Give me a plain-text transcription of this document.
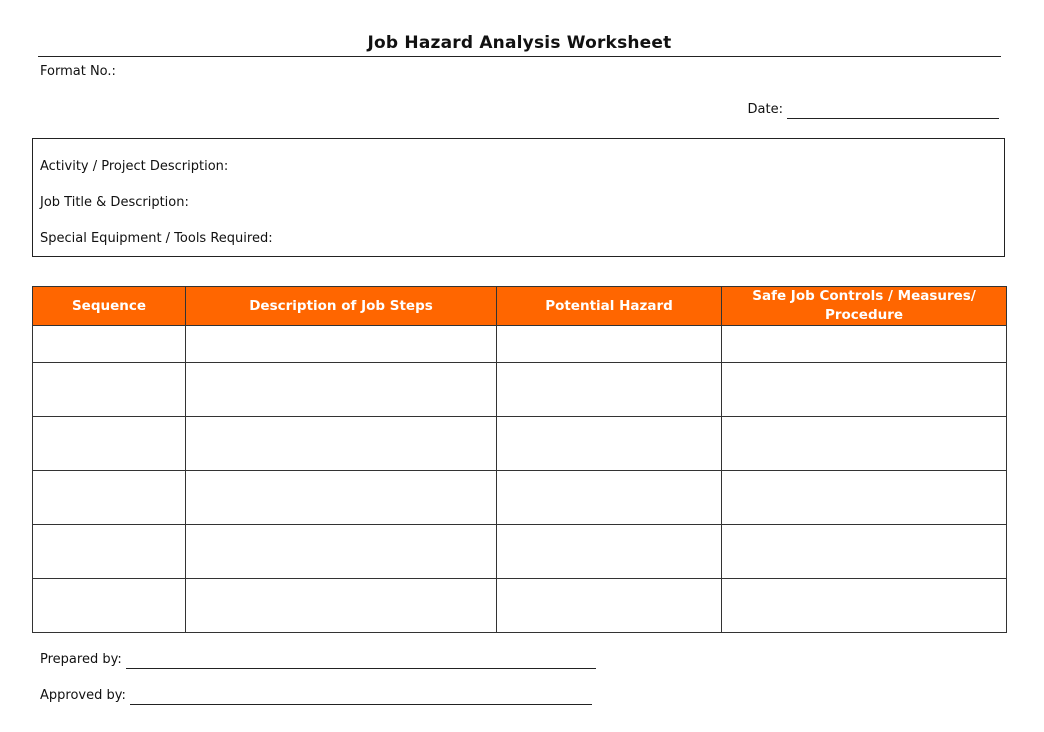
Job Hazard Analysis Worksheet
Format No.:
Date:
Activity / Project Description:
Job Title & Description:
Special Equipment / Tools Required:
Sequence	Description of Job Steps	Potential Hazard	Safe Job Controls / Measures/ Procedure

Prepared by:
Approved by:
